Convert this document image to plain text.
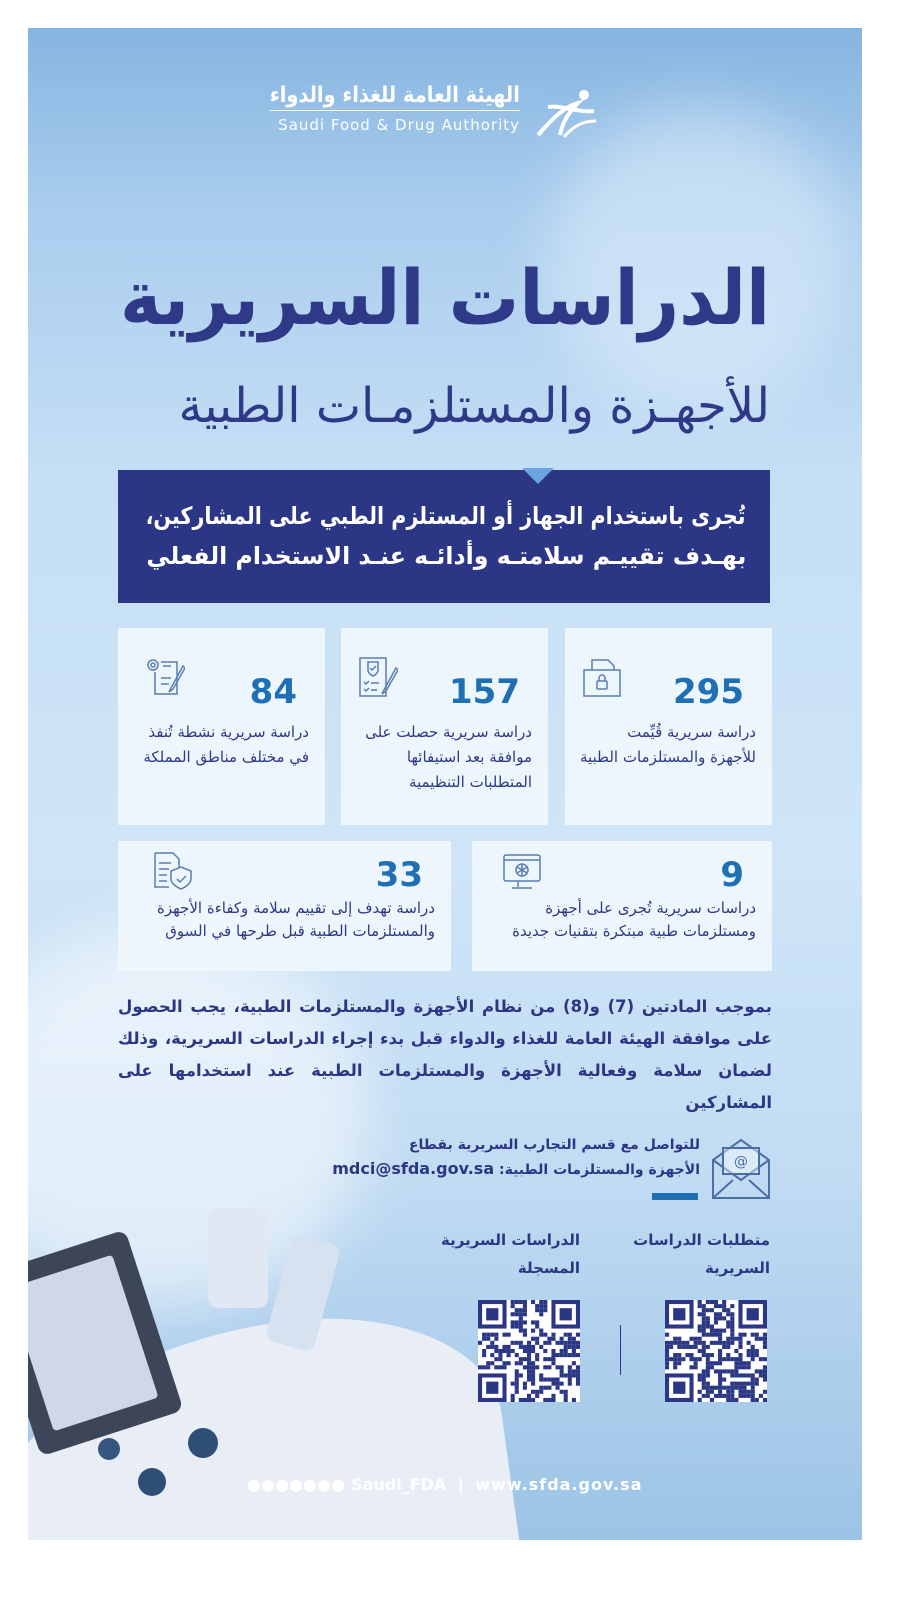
الهيئة العامة للغذاء والدواء
Saudi Food & Drug Authority
الدراسات السريرية
للأجهـزة والمستلزمـات الطبية
تُجرى باستخدام الجهاز أو المستلزم الطبي على المشاركين،
بهـدف تقييـم سلامتـه وأدائـه عنـد الاستخدام الفعلي
295
دراسة سريرية قُيِّمت للأجهزة والمستلزمات الطبية
157
دراسة سريرية حصلت على موافقة بعد استيفائها المتطلبات التنظيمية
84
دراسة سريرية نشطة تُنفذ في مختلف مناطق المملكة
9
دراسات سريرية تُجرى على أجهزة ومستلزمات طبية مبتكرة بتقنيات جديدة
33
دراسة تهدف إلى تقييم سلامة وكفاءة الأجهزة والمستلزمات الطبية قبل طرحها في السوق
بموجب المادتين (7) و(8) من نظام الأجهزة والمستلزمات الطبية، يجب الحصول على موافقة الهيئة العامة للغذاء والدواء قبل بدء إجراء الدراسات السريرية، وذلك لضمان سلامة وفعالية الأجهزة والمستلزمات الطبية عند استخدامها على المشاركين
@
للتواصل مع قسم التجارب السريرية بقطاع
الأجهزة والمستلزمات الطبية: mdci@sfda.gov.sa
متطلبات الدراسات
السريرية
الدراسات السريرية
المسجلة
Saudi_FDA | www.sfda.gov.sa
